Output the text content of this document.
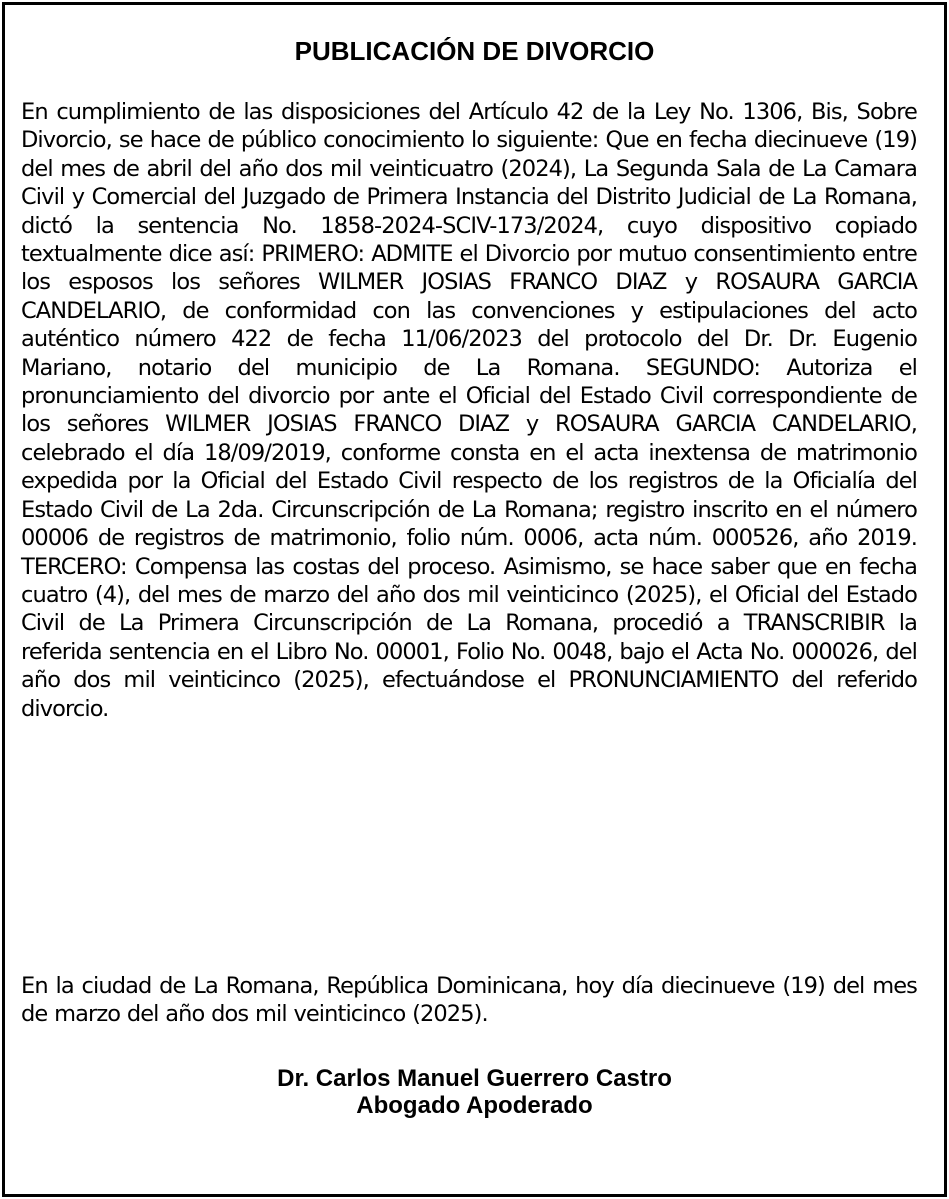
PUBLICACIÓN DE DIVORCIO
En cumplimiento de las disposiciones del Artículo 42 de la Ley No. 1306, Bis, Sobre Divorcio, se hace de público conocimiento lo siguiente: Que en fecha diecinueve (19) del mes de abril del año dos mil veinticuatro (2024), La Segunda Sala de La Camara Civil y Comercial del Juzgado de Primera Instancia del Distrito Judicial de La Romana, dictó la sentencia No. 1858-2024-SCIV-173/2024, cuyo dispositivo copiado textualmente dice así: PRIMERO: ADMITE el Divorcio por mutuo consentimiento entre los esposos los señores WILMER JOSIAS FRANCO DIAZ y ROSAURA GARCIA CANDELARIO, de conformidad con las convenciones y estipulaciones del acto auténtico número 422 de fecha 11/06/2023 del protocolo del Dr. Dr. Eugenio Mariano, notario del municipio de La Romana. SEGUNDO: Autoriza el pronunciamiento del divorcio por ante el Oficial del Estado Civil correspondiente de los señores WILMER JOSIAS FRANCO DIAZ y ROSAURA GARCIA CANDELARIO, celebrado el día 18/09/2019, conforme consta en el acta inextensa de matrimonio expedida por la Oficial del Estado Civil respecto de los registros de la Oficialía del Estado Civil de La 2da. Circunscripción de La Romana; registro inscrito en el número 00006 de registros de matrimonio, folio núm. 0006, acta núm. 000526, año 2019. TERCERO: Compensa las costas del proceso. Asimismo, se hace saber que en fecha cuatro (4), del mes de marzo del año dos mil veinticinco (2025), el Oficial del Estado Civil de La Primera Circunscripción de La Romana, procedió a TRANSCRIBIR la referida sentencia en el Libro No. 00001, Folio No. 0048, bajo el Acta No. 000026, del año dos mil veinticinco (2025), efectuándose el PRONUNCIAMIENTO del referido divorcio.
En la ciudad de La Romana, República Dominicana, hoy día diecinueve (19) del mes de marzo del año dos mil veinticinco (2025).
Dr. Carlos Manuel Guerrero Castro
Abogado Apoderado
